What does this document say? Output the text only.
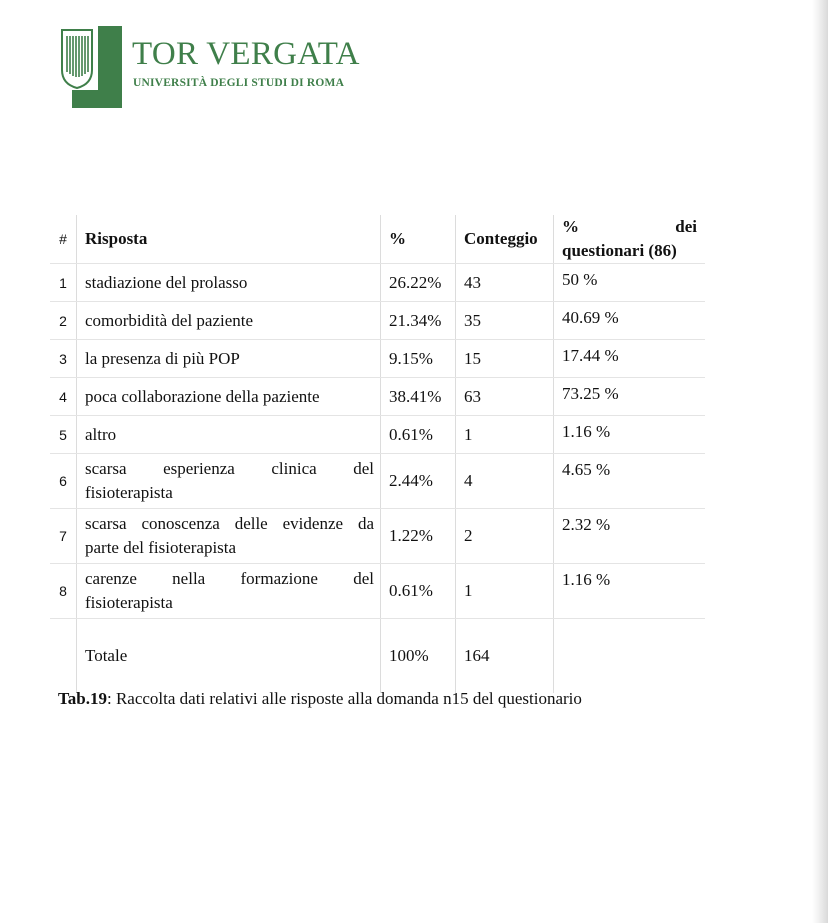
TOR VERGATA
UNIVERSITÀ DEGLI STUDI DI ROMA
#	Risposta	%	Conteggio	% dei
questionari (86)

1	stadiazione del prolasso	26.22%	43	50 %
2	comorbidità del paziente	21.34%	35	40.69 %
3	la presenza di più POP	9.15%	15	17.44 %
4	poca collaborazione della paziente	38.41%	63	73.25 %
5	altro	0.61%	1	1.16 %
6	scarsa esperienza clinica del
fisioterapista	2.44%	4	4.65 %
7	scarsa conoscenza delle evidenze da
parte del fisioterapista	1.22%	2	2.32 %
8	carenze nella formazione del
fisioterapista	0.61%	1	1.16 %
	Totale	100%	164	
Tab.19: Raccolta dati relativi alle risposte alla domanda n15 del questionario
